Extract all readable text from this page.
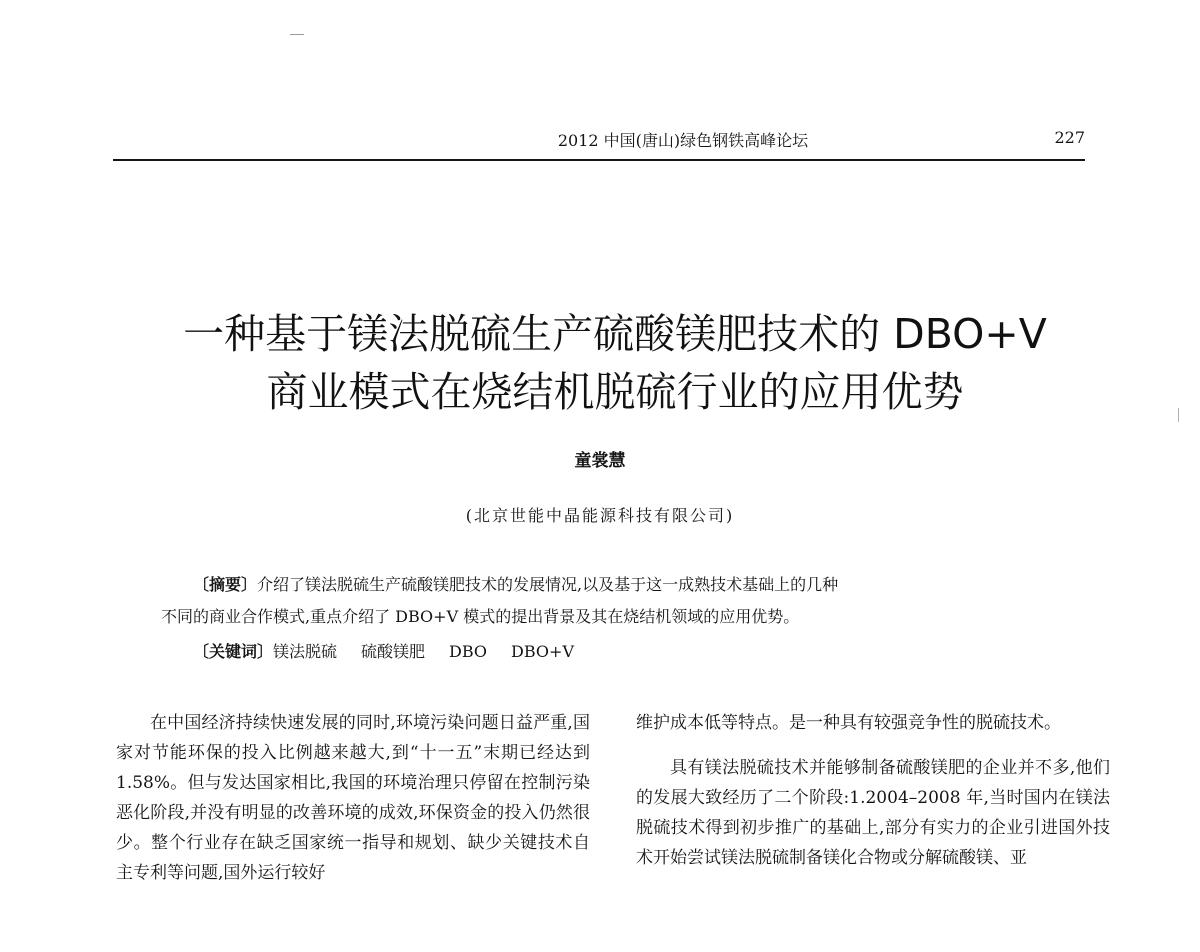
2012 中国(唐山)绿色钢铁高峰论坛	227
一种基于镁法脱硫生产硫酸镁肥技术的 DBO+V
商业模式在烧结机脱硫行业的应用优势
童裳慧
(北京世能中晶能源科技有限公司)
〔摘要〕介绍了镁法脱硫生产硫酸镁肥技术的发展情况,以及基于这一成熟技术基础上的几种
不同的商业合作模式,重点介绍了 DBO+V 模式的提出背景及其在烧结机领域的应用优势。
〔关键词〕镁法脱硫 硫酸镁肥 DBO DBO+V

在中国经济持续快速发展的同时,环境污染问题日益严重,国家对节能环保的投入比例越来越大,到“十一五”末期已经达到 1.58%。但与发达国家相比,我国的环境治理只停留在控制污染恶化阶段,并没有明显的改善环境的成效,环保资金的投入仍然很少。整个行业存在缺乏国家统一指导和规划、缺少关键技术自主专利等问题,国外运行较好

维护成本低等特点。是一种具有较强竞争性的脱硫技术。

具有镁法脱硫技术并能够制备硫酸镁肥的企业并不多,他们的发展大致经历了二个阶段:1.2004–2008 年,当时国内在镁法脱硫技术得到初步推广的基础上,部分有实力的企业引进国外技术开始尝试镁法脱硫制备镁化合物或分解硫酸镁、亚
